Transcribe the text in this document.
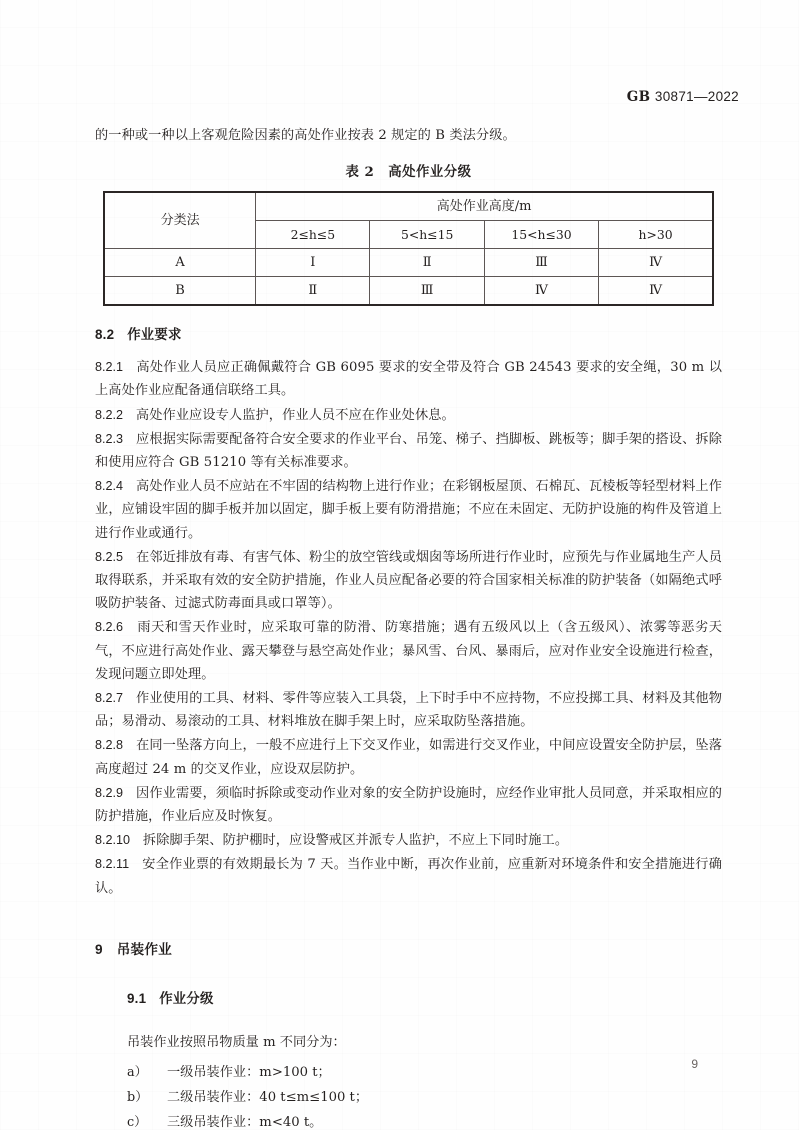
GB 30871—2022

的一种或一种以上客观危险因素的高处作业按表 2 规定的 B 类法分级。

表 2　高处作业分级
分类法	高处作业高度/m			
	2≤h≤5	5<h≤15	15<h≤30	h>30
A	Ⅰ	Ⅱ	Ⅲ	Ⅳ
B	Ⅱ	Ⅲ	Ⅳ	Ⅳ
8.2 作业要求

8.2.1 高处作业人员应正确佩戴符合 GB 6095 要求的安全带及符合 GB 24543 要求的安全绳，30 m 以上高处作业应配备通信联络工具。

8.2.2 高处作业应设专人监护，作业人员不应在作业处休息。

8.2.3 应根据实际需要配备符合安全要求的作业平台、吊笼、梯子、挡脚板、跳板等；脚手架的搭设、拆除和使用应符合 GB 51210 等有关标准要求。

8.2.4 高处作业人员不应站在不牢固的结构物上进行作业；在彩钢板屋顶、石棉瓦、瓦棱板等轻型材料上作业，应铺设牢固的脚手板并加以固定，脚手板上要有防滑措施；不应在未固定、无防护设施的构件及管道上进行作业或通行。

8.2.5 在邻近排放有毒、有害气体、粉尘的放空管线或烟囱等场所进行作业时，应预先与作业属地生产人员取得联系，并采取有效的安全防护措施，作业人员应配备必要的符合国家相关标准的防护装备（如隔绝式呼吸防护装备、过滤式防毒面具或口罩等）。

8.2.6 雨天和雪天作业时，应采取可靠的防滑、防寒措施；遇有五级风以上（含五级风）、浓雾等恶劣天气，不应进行高处作业、露天攀登与悬空高处作业；暴风雪、台风、暴雨后，应对作业安全设施进行检查，发现问题立即处理。

8.2.7 作业使用的工具、材料、零件等应装入工具袋，上下时手中不应持物，不应投掷工具、材料及其他物品；易滑动、易滚动的工具、材料堆放在脚手架上时，应采取防坠落措施。

8.2.8 在同一坠落方向上，一般不应进行上下交叉作业，如需进行交叉作业，中间应设置安全防护层，坠落高度超过 24 m 的交叉作业，应设双层防护。

8.2.9 因作业需要，须临时拆除或变动作业对象的安全防护设施时，应经作业审批人员同意，并采取相应的防护措施，作业后应及时恢复。

8.2.10 拆除脚手架、防护棚时，应设警戒区并派专人监护，不应上下同时施工。

8.2.11 安全作业票的有效期最长为 7 天。当作业中断，再次作业前，应重新对环境条件和安全措施进行确认。

9 吊装作业
9.1 作业分级
吊装作业按照吊物质量 m 不同分为：
a）	一级吊装作业：m>100 t；
b）	二级吊装作业：40 t≤m≤100 t；
c）	三级吊装作业：m<40 t。
9
